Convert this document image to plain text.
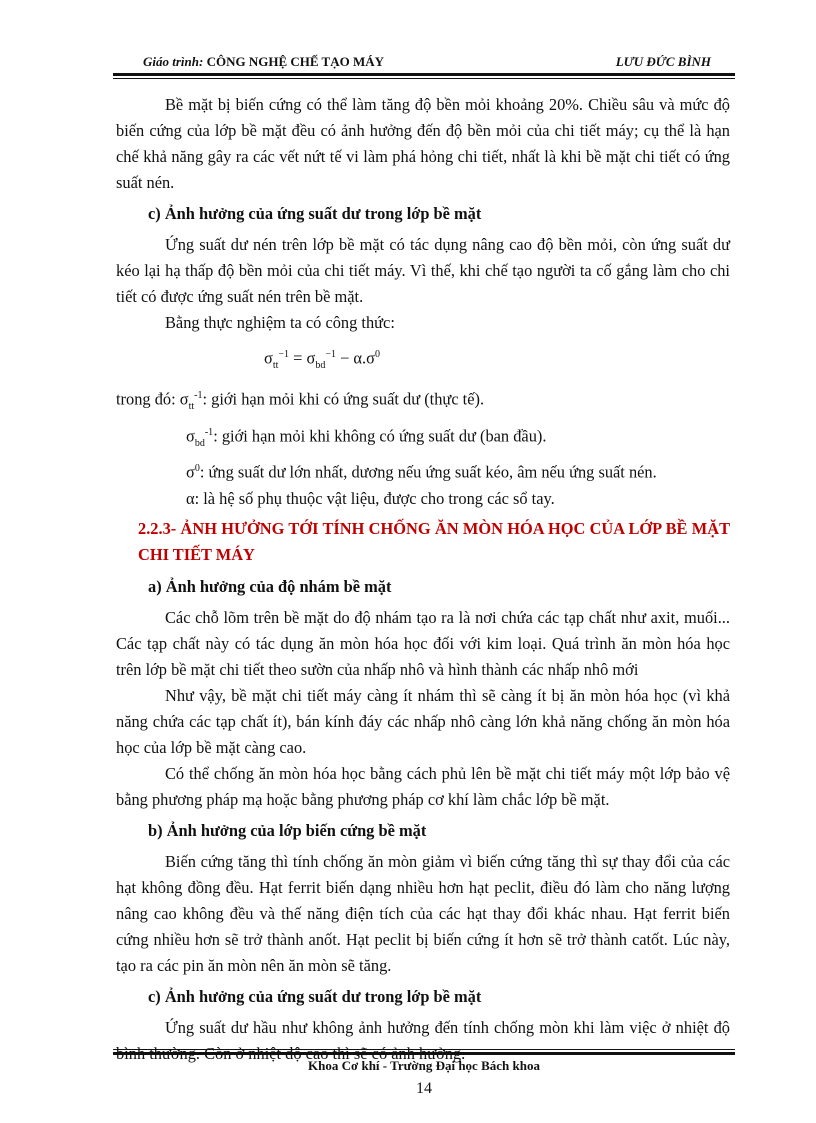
Giáo trình: CÔNG NGHỆ CHẾ TẠO MÁY	LƯU ĐỨC BÌNH

Bề mặt bị biến cứng có thể làm tăng độ bền mỏi khoảng 20%. Chiều sâu và mức độ biến cứng của lớp bề mặt đều có ảnh hưởng đến độ bền mỏi của chi tiết máy; cụ thể là hạn chế khả năng gây ra các vết nứt tế vi làm phá hỏng chi tiết, nhất là khi bề mặt chi tiết có ứng suất nén.

c) Ảnh hưởng của ứng suất dư trong lớp bề mặt

Ứng suất dư nén trên lớp bề mặt có tác dụng nâng cao độ bền mỏi, còn ứng suất dư kéo lại hạ thấp độ bền mỏi của chi tiết máy. Vì thế, khi chế tạo người ta cố gắng làm cho chi tiết có được ứng suất nén trên bề mặt.

Bằng thực nghiệm ta có công thức:

$\sigma_{tt}^{-1} = \sigma_{bd}^{-1} - \alpha.\sigma^0$

trong đó: $\sigma_{tt}^{-1}$: giới hạn mỏi khi có ứng suất dư (thực tế).

$\sigma_{bd}^{-1}$: giới hạn mỏi khi không có ứng suất dư (ban đầu).

$\sigma^0$: ứng suất dư lớn nhất, dương nếu ứng suất kéo, âm nếu ứng suất nén.

α: là hệ số phụ thuộc vật liệu, được cho trong các sổ tay.

2.2.3- ẢNH HƯỞNG TỚI TÍNH CHỐNG ĂN MÒN HÓA HỌC CỦA LỚP BỀ MẶT CHI TIẾT MÁY
a) Ảnh hưởng của độ nhám bề mặt

Các chỗ lõm trên bề mặt do độ nhám tạo ra là nơi chứa các tạp chất như axit, muối... Các tạp chất này có tác dụng ăn mòn hóa học đối với kim loại. Quá trình ăn mòn hóa học trên lớp bề mặt chi tiết theo sườn của nhấp nhô và hình thành các nhấp nhô mới

Như vậy, bề mặt chi tiết máy càng ít nhám thì sẽ càng ít bị ăn mòn hóa học (vì khả năng chứa các tạp chất ít), bán kính đáy các nhấp nhô càng lớn khả năng chống ăn mòn hóa học của lớp bề mặt càng cao.

Có thể chống ăn mòn hóa học bằng cách phủ lên bề mặt chi tiết máy một lớp bảo vệ bằng phương pháp mạ hoặc bằng phương pháp cơ khí làm chắc lớp bề mặt.

b) Ảnh hưởng của lớp biến cứng bề mặt

Biến cứng tăng thì tính chống ăn mòn giảm vì biến cứng tăng thì sự thay đổi của các hạt không đồng đều. Hạt ferrit biến dạng nhiều hơn hạt peclit, điều đó làm cho năng lượng nâng cao không đều và thế năng điện tích của các hạt thay đổi khác nhau. Hạt ferrit biến cứng nhiều hơn sẽ trở thành anốt. Hạt peclit bị biến cứng ít hơn sẽ trở thành catốt. Lúc này, tạo ra các pin ăn mòn nên ăn mòn sẽ tăng.

c) Ảnh hưởng của ứng suất dư trong lớp bề mặt

Ứng suất dư hầu như không ảnh hưởng đến tính chống mòn khi làm việc ở nhiệt độ bình thường. Còn ở nhiệt độ cao thì sẽ có ảnh hưởng.

Khoa Cơ khí - Trường Đại học Bách khoa
14
